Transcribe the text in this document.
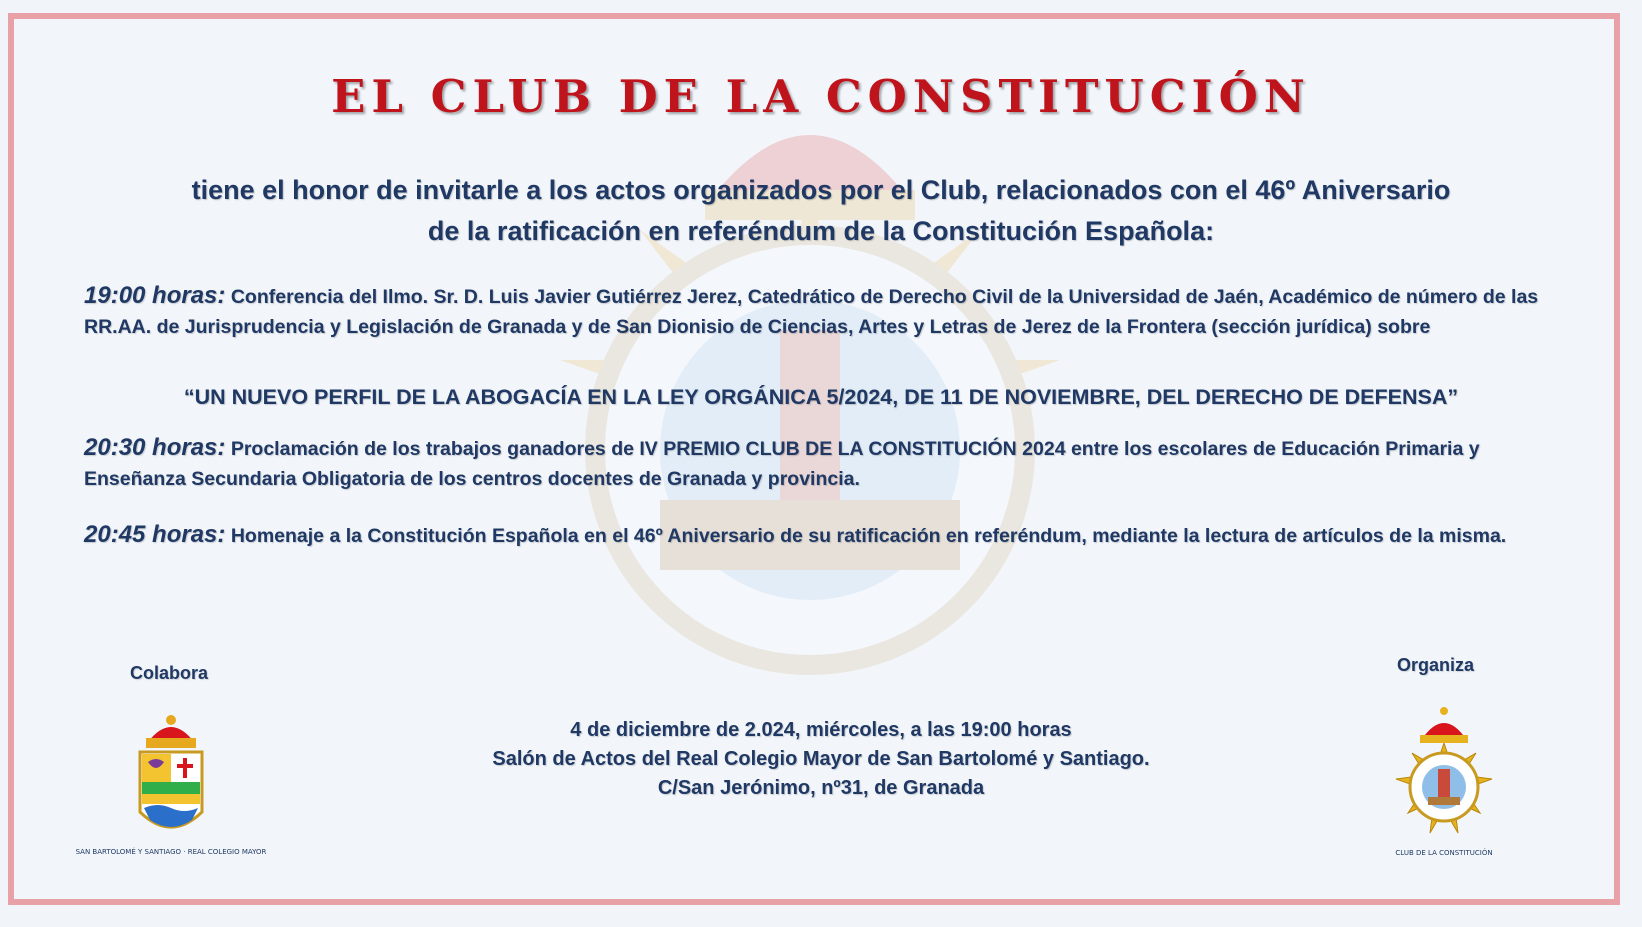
EL CLUB DE LA CONSTITUCIÓN
tiene el honor de invitarle a los actos organizados por el Club, relacionados con el 46º Aniversario
de la ratificación en referéndum de la Constitución Española:
19:00 horas: Conferencia del Ilmo. Sr. D. Luis Javier Gutiérrez Jerez, Catedrático de Derecho Civil de la Universidad de Jaén, Académico de número de las RR.AA. de Jurisprudencia y Legislación de Granada y de San Dionisio de Ciencias, Artes y Letras de Jerez de la Frontera (sección jurídica) sobre
“UN NUEVO PERFIL DE LA ABOGACÍA EN LA LEY ORGÁNICA 5/2024, DE 11 DE NOVIEMBRE, DEL DERECHO DE DEFENSA”
20:30 horas: Proclamación de los trabajos ganadores de IV PREMIO CLUB DE LA CONSTITUCIÓN 2024 entre los escolares de Educación Primaria y Enseñanza Secundaria Obligatoria de los centros docentes de Granada y provincia.
20:45 horas: Homenaje a la Constitución Española en el 46º Aniversario de su ratificación en referéndum, mediante la lectura de artículos de la misma.
Colabora	Organiza
4 de diciembre de 2.024, miércoles, a las 19:00 horas
Salón de Actos del Real Colegio Mayor de San Bartolomé y Santiago.
C/San Jerónimo, nº31, de Granada
SAN BARTOLOMÉ Y SANTIAGO · REAL COLEGIO MAYOR	CLUB DE LA CONSTITUCIÓN
